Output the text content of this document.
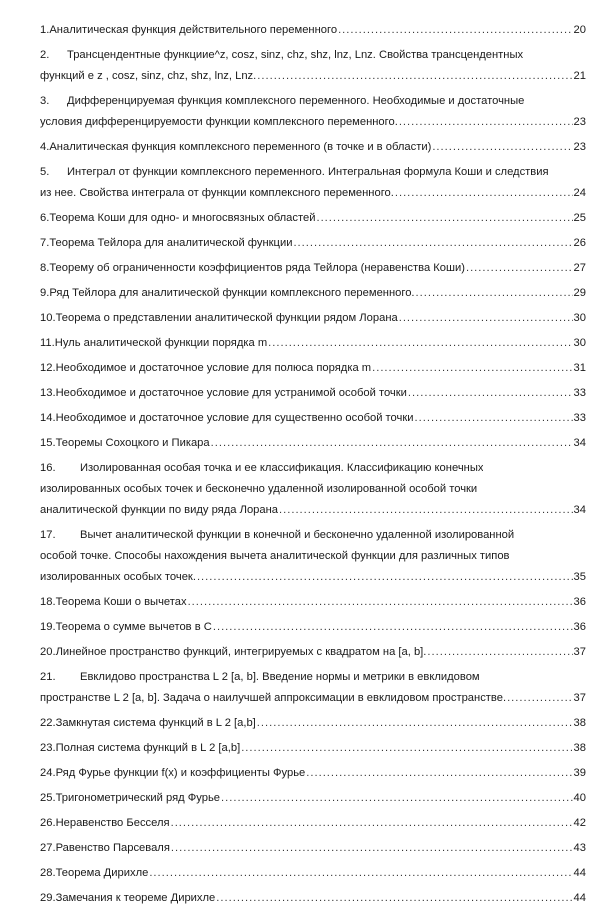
1. Аналитическая функция действительного переменного .....	20
2.	Трансцендентные функциие^z, cosz, sinz, chz, shz, lnz, Lnz. Свойства трансцендентных
функций е z , cosz, sinz, chz, shz, lnz, Lnz. .....	21
3.	Дифференцируемая функция комплексного переменного. Необходимые и достаточные
условия дифференцируемости функции комплексного переменного. .....	23
4. Аналитическая функция комплексного переменного (в точке и в области) .....	23
5.	Интеграл от функции комплексного переменного. Интегральная формула Коши и следствия
из нее. Свойства интеграла от функции комплексного переменного. .....	24
6. Теорема Коши для одно- и многосвязных областей .....	25
7. Теорема Тейлора для аналитической функции .....	26
8. Теорему об ограниченности коэффициентов ряда Тейлора (неравенства Коши) .....	27
9. Ряд Тейлора для аналитической функции комплексного переменного. .....	29
10. Теорема о представлении аналитической функции рядом Лорана .....	30
11. Нуль аналитической функции порядка m .....	30
12. Необходимое и достаточное условие для полюса порядка m .....	31
13. Необходимое и достаточное условие для устранимой особой точки .....	33
14. Необходимое и достаточное условие для существенно особой точки .....	33
15. Теоремы Сохоцкого и Пикара .....	34
16.	Изолированная особая точка и ее классификация. Классификацию конечных
изолированных особых точек и бесконечно удаленной изолированной особой точки
аналитической функции по виду ряда Лорана .....	34
17.	Вычет аналитической функции в конечной и бесконечно удаленной изолированной
особой точке. Способы нахождения вычета аналитической функции для различных типов
изолированных особых точек. .....	35
18. Теорема Коши о вычетах .....	36
19. Теорема о сумме вычетов в С .....	36
20. Линейное пространство функций, интегрируемых с квадратом на [a, b]. .....	37
21.	Евклидово пространства L 2 [a, b]. Введение нормы и метрики в евклидовом
пространстве L 2 [a, b]. Задача о наилучшей аппроксимации в евклидовом пространстве. .....	37
22. Замкнутая система функций в L 2 [a,b] .....	38
23. Полная система функций в L 2 [a,b] .....	38
24. Ряд Фурье функции f(x) и коэффициенты Фурье .....	39
25. Тригонометрический ряд Фурье .....	40
26. Неравенство Бесселя .....	42
27. Равенство Парсеваля .....	43
28. Теорема Дирихле .....	44
29. Замечания к теореме Дирихле .....	44
